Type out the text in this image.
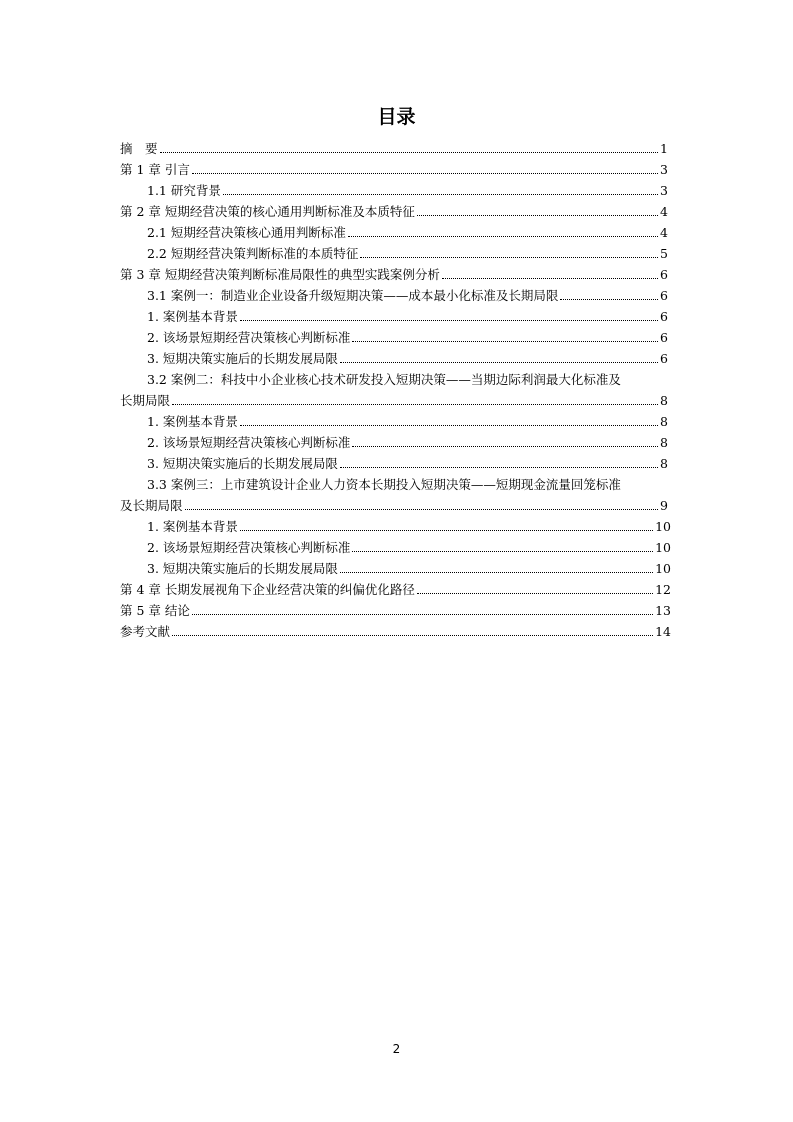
目录
摘　要	1
第 1 章 引言	3
1.1 研究背景	3
第 2 章 短期经营决策的核心通用判断标准及本质特征	4
2.1 短期经营决策核心通用判断标准	4
2.2 短期经营决策判断标准的本质特征	5
第 3 章 短期经营决策判断标准局限性的典型实践案例分析	6
3.1 案例一：制造业企业设备升级短期决策——成本最小化标准及长期局限	6
1. 案例基本背景	6
2. 该场景短期经营决策核心判断标准	6
3. 短期决策实施后的长期发展局限	6
3.2 案例二：科技中小企业核心技术研发投入短期决策——当期边际利润最大化标准及
长期局限	8
1. 案例基本背景	8
2. 该场景短期经营决策核心判断标准	8
3. 短期决策实施后的长期发展局限	8
3.3 案例三：上市建筑设计企业人力资本长期投入短期决策——短期现金流量回笼标准
及长期局限	9
1. 案例基本背景	10
2. 该场景短期经营决策核心判断标准	10
3. 短期决策实施后的长期发展局限	10
第 4 章 长期发展视角下企业经营决策的纠偏优化路径	12
第 5 章 结论	13
参考文献	14
2
